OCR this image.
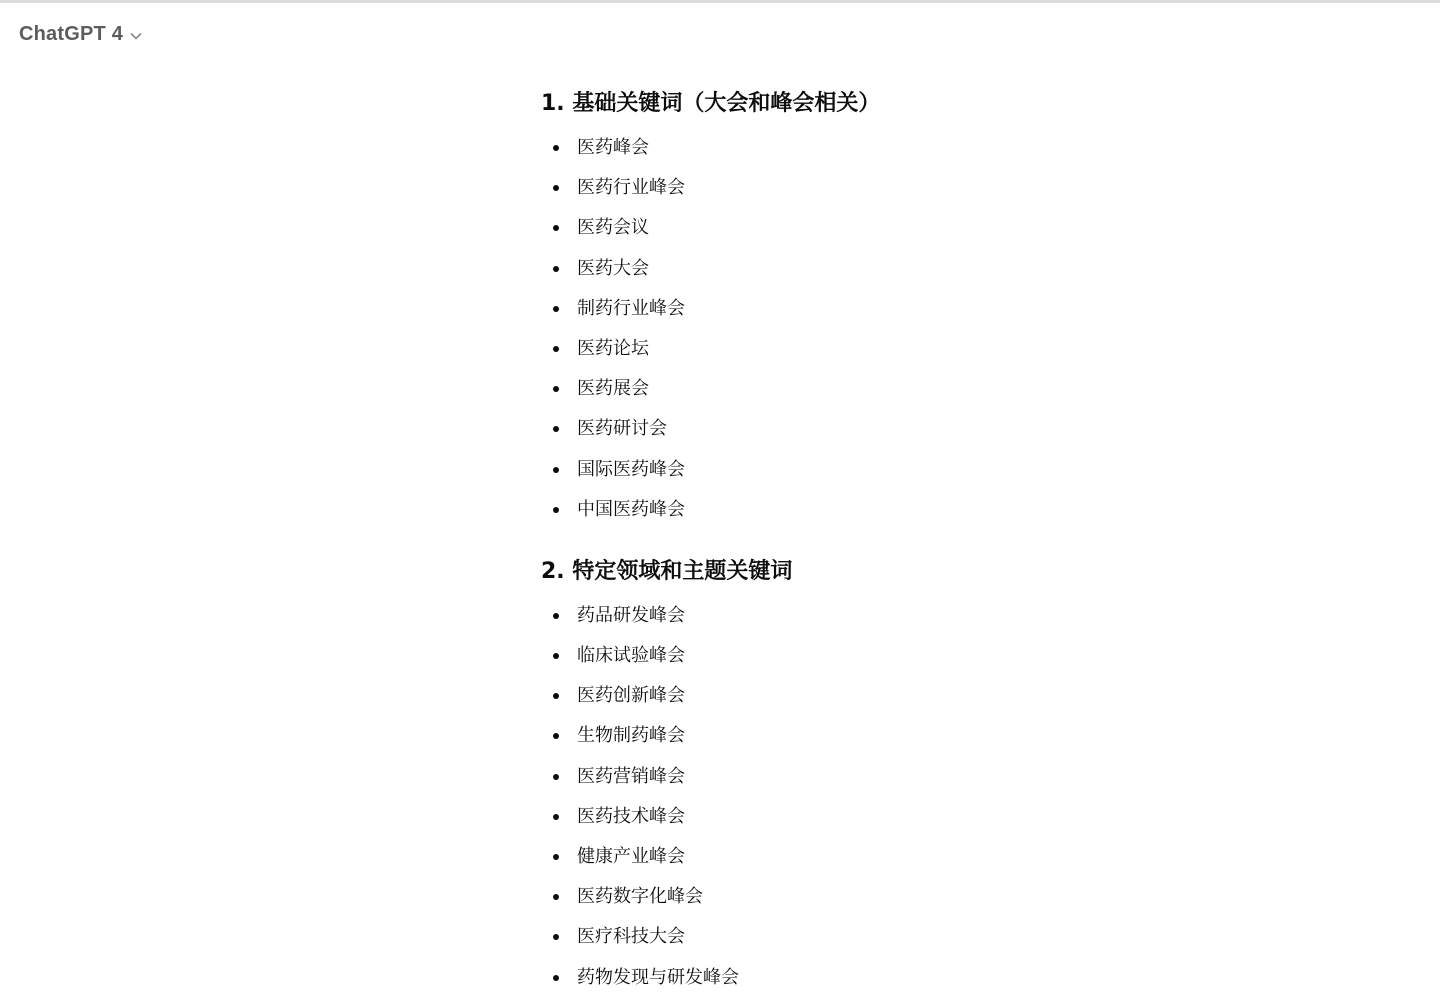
ChatGPT 4
1. 基础关键词（大会和峰会相关）
医药峰会
医药行业峰会
医药会议
医药大会
制药行业峰会
医药论坛
医药展会
医药研讨会
国际医药峰会
中国医药峰会
2. 特定领域和主题关键词
药品研发峰会
临床试验峰会
医药创新峰会
生物制药峰会
医药营销峰会
医药技术峰会
健康产业峰会
医药数字化峰会
医疗科技大会
药物发现与研发峰会
